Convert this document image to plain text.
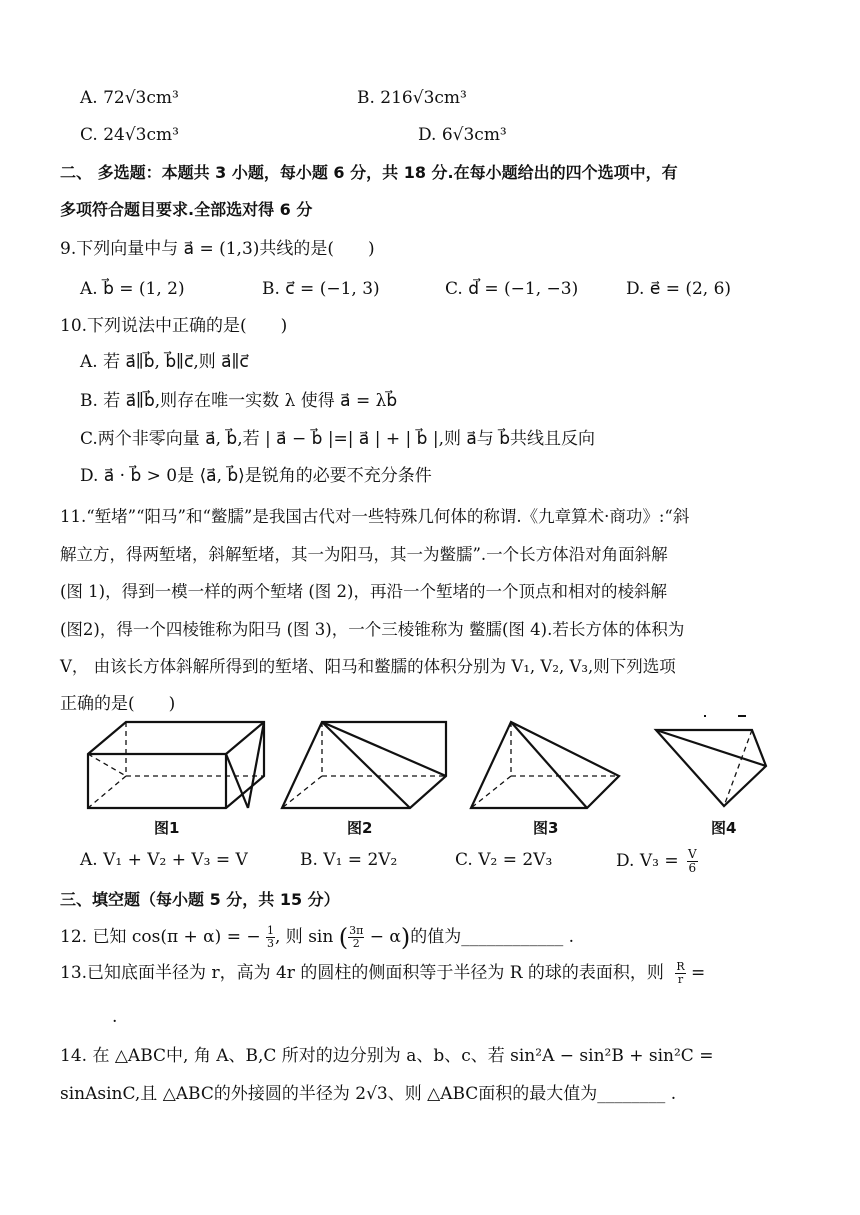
A. 72√3cm³	B. 216√3cm³
C. 24√3cm³	D. 6√3cm³
二、 多选题：本题共 3 小题，每小题 6 分，共 18 分.在每小题给出的四个选项中，有
多项符合题目要求.全部选对得 6 分
9.下列向量中与 a⃗ = (1,3)共线的是(　　)
A. b⃗ = (1, 2)	B. c⃗ = (−1, 3)	C. d⃗ = (−1, −3)	D. e⃗ = (2, 6)
10.下列说法中正确的是(　　)
A. 若 a⃗∥b⃗, b⃗∥c⃗,则 a⃗∥c⃗
B. 若 a⃗∥b⃗,则存在唯一实数 λ 使得 a⃗ = λb⃗
C.两个非零向量 a⃗, b⃗,若 | a⃗ − b⃗ |=| a⃗ | + | b⃗ |,则 a⃗与 b⃗共线且反向
D. a⃗ · b⃗ > 0是 ⟨a⃗, b⃗⟩是锐角的必要不充分条件
11.“堑堵”“阳马”和“鳖臑”是我国古代对一些特殊几何体的称谓.《九章算术·商功》:“斜
解立方，得两堑堵，斜解堑堵，其一为阳马，其一为鳖臑”.一个长方体沿对角面斜解
(图 1)，得到一模一样的两个堑堵 (图 2)，再沿一个堑堵的一个顶点和相对的棱斜解
(图2)，得一个四棱锥称为阳马 (图 3)，一个三棱锥称为 鳖臑(图 4).若长方体的体积为
V， 由该长方体斜解所得到的堑堵、阳马和鳖臑的体积分别为 V₁, V₂, V₃,则下列选项
正确的是(　　)
图1	图2	图3	图4
A. V₁ + V₂ + V₃ = V	B. V₁ = 2V₂	C. V₂ = 2V₃	D. $V_3 = \frac{V}{6}$
三、填空题（每小题 5 分，共 15 分）
12. 已知 cos(π + α) = − $\frac{1}{3}$ , 则 sin ( $\frac{3\pi}{2} - \alpha$)的值为____________ .
13.已知底面半径为 r，高为 4r 的圆柱的侧面积等于半径为 R 的球的表面积，则 $\frac{R}{r}$ =
.
14. 在 △ABC中, 角 A、B,C 所对的边分别为 a、b、c、若 sin²A − sin²B + sin²C =
sinAsinC,且 △ABC的外接圆的半径为 2√3、则 △ABC面积的最大值为________ .
